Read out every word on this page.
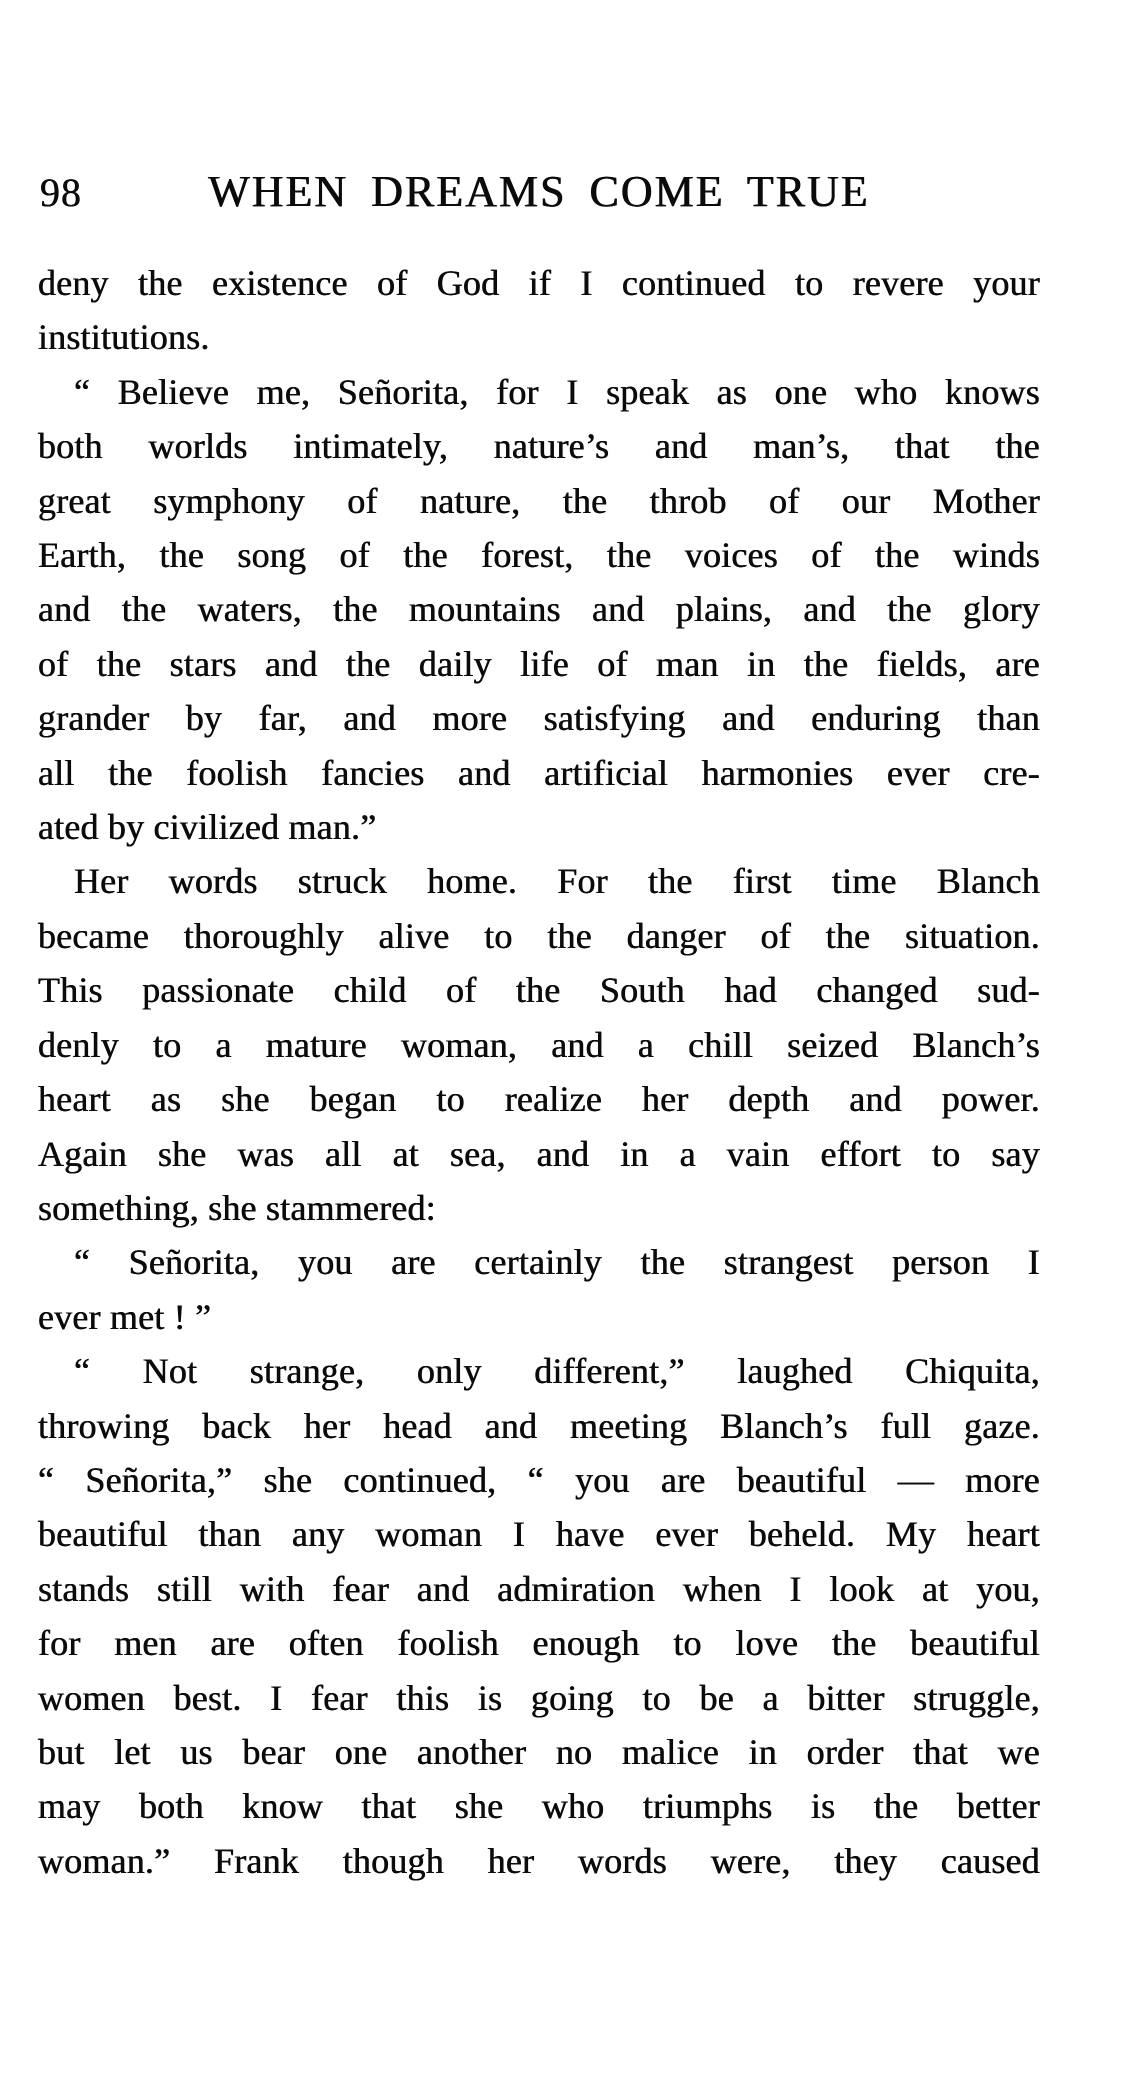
98	WHEN DREAMS COME TRUE
deny the existence of God if I continued to revere your
institutions.
“ Believe me, Señorita, for I speak as one who knows
both worlds intimately, nature’s and man’s, that the
great symphony of nature, the throb of our Mother
Earth, the song of the forest, the voices of the winds
and the waters, the mountains and plains, and the glory
of the stars and the daily life of man in the fields, are
grander by far, and more satisfying and enduring than
all the foolish fancies and artificial harmonies ever cre-
ated by civilized man.”
Her words struck home. For the first time Blanch
became thoroughly alive to the danger of the situation.
This passionate child of the South had changed sud-
denly to a mature woman, and a chill seized Blanch’s
heart as she began to realize her depth and power.
Again she was all at sea, and in a vain effort to say
something, she stammered:
“ Señorita, you are certainly the strangest person I
ever met ! ”
“ Not strange, only different,” laughed Chiquita,
throwing back her head and meeting Blanch’s full gaze.
“ Señorita,” she continued, “ you are beautiful — more
beautiful than any woman I have ever beheld. My heart
stands still with fear and admiration when I look at you,
for men are often foolish enough to love the beautiful
women best. I fear this is going to be a bitter struggle,
but let us bear one another no malice in order that we
may both know that she who triumphs is the better
woman.” Frank though her words were, they caused
